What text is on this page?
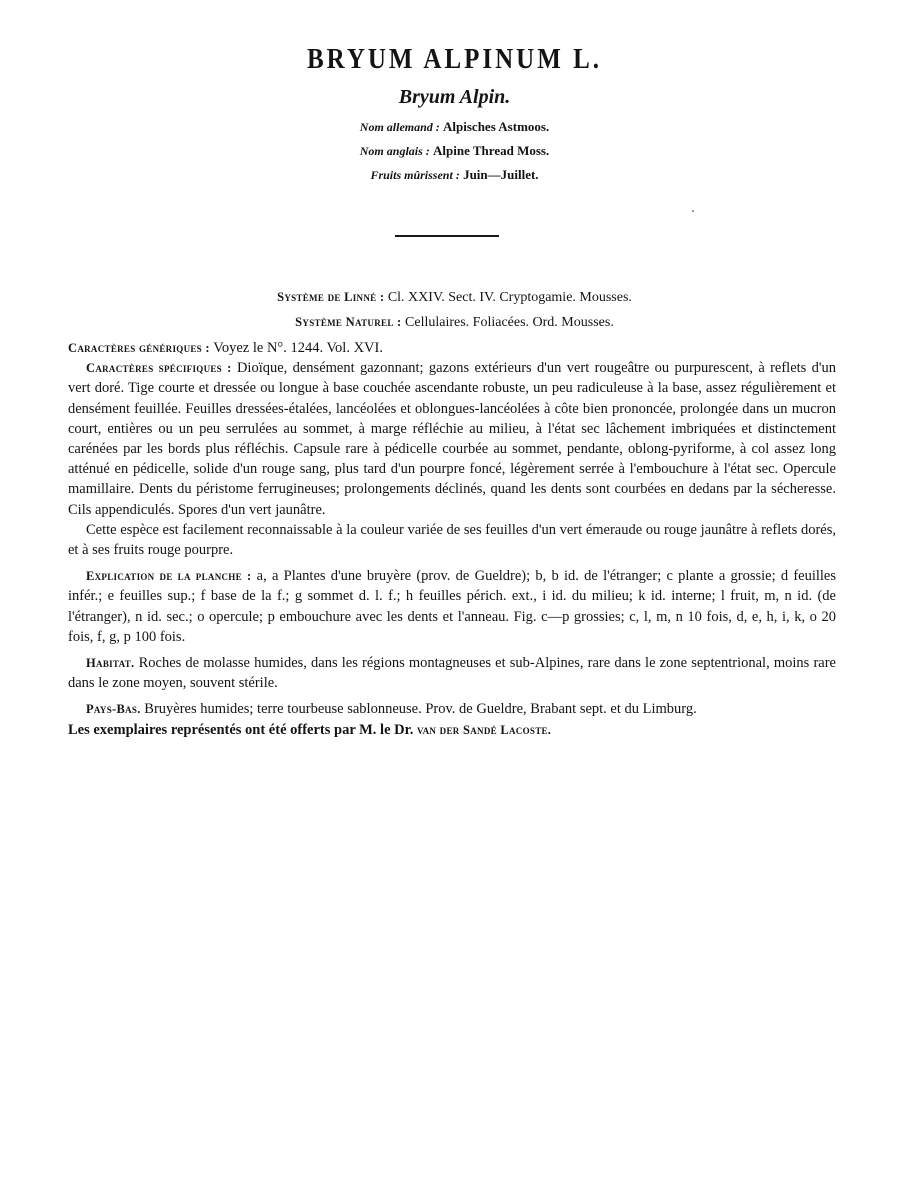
BRYUM ALPINUM L.
Bryum Alpin.
Nom allemand : Alpisches Astmoos.
Nom anglais : Alpine Thread Moss.
Fruits mûrissent : Juin—Juillet.
Système de Linné : Cl. XXIV. Sect. IV. Cryptogamie. Mousses.
Système Naturel : Cellulaires. Foliacées. Ord. Mousses.

Caractères génériques : Voyez le N°. 1244. Vol. XVI.

Caractères spécifiques : Dioïque, densément gazonnant; gazons extérieurs d'un vert rougeâtre ou purpurescent, à reflets d'un vert doré. Tige courte et dressée ou longue à base couchée ascendante robuste, un peu radiculeuse à la base, assez régulièrement et densément feuillée. Feuilles dressées-étalées, lancéolées et oblongues-lancéolées à côte bien prononcée, prolongée dans un mucron court, entières ou un peu serrulées au sommet, à marge réfléchie au milieu, à l'état sec lâchement imbriquées et distinctement carénées par les bords plus réfléchis. Capsule rare à pédicelle courbée au sommet, pendante, oblong-pyriforme, à col assez long atténué en pédicelle, solide d'un rouge sang, plus tard d'un pourpre foncé, légèrement serrée à l'embouchure à l'état sec. Opercule mamillaire. Dents du péristome ferrugineuses; prolongements déclinés, quand les dents sont courbées en dedans par la sécheresse. Cils appendiculés. Spores d'un vert jaunâtre.

Cette espèce est facilement reconnaissable à la couleur variée de ses feuilles d'un vert émeraude ou rouge jaunâtre à reflets dorés, et à ses fruits rouge pourpre.

Explication de la planche : a, a Plantes d'une bruyère (prov. de Gueldre); b, b id. de l'étranger; c plante a grossie; d feuilles infér.; e feuilles sup.; f base de la f.; g sommet d. l. f.; h feuilles périch. ext., i id. du milieu; k id. interne; l fruit, m, n id. (de l'étranger), n id. sec.; o opercule; p embouchure avec les dents et l'anneau. Fig. c—p grossies; c, l, m, n 10 fois, d, e, h, i, k, o 20 fois, f, g, p 100 fois.

Habitat. Roches de molasse humides, dans les régions montagneuses et sub-Alpines, rare dans le zone septentrional, moins rare dans le zone moyen, souvent stérile.

Pays-Bas. Bruyères humides; terre tourbeuse sablonneuse. Prov. de Gueldre, Brabant sept. et du Limburg.

Les exemplaires représentés ont été offerts par M. le Dr. van der Sandé Lacoste.
